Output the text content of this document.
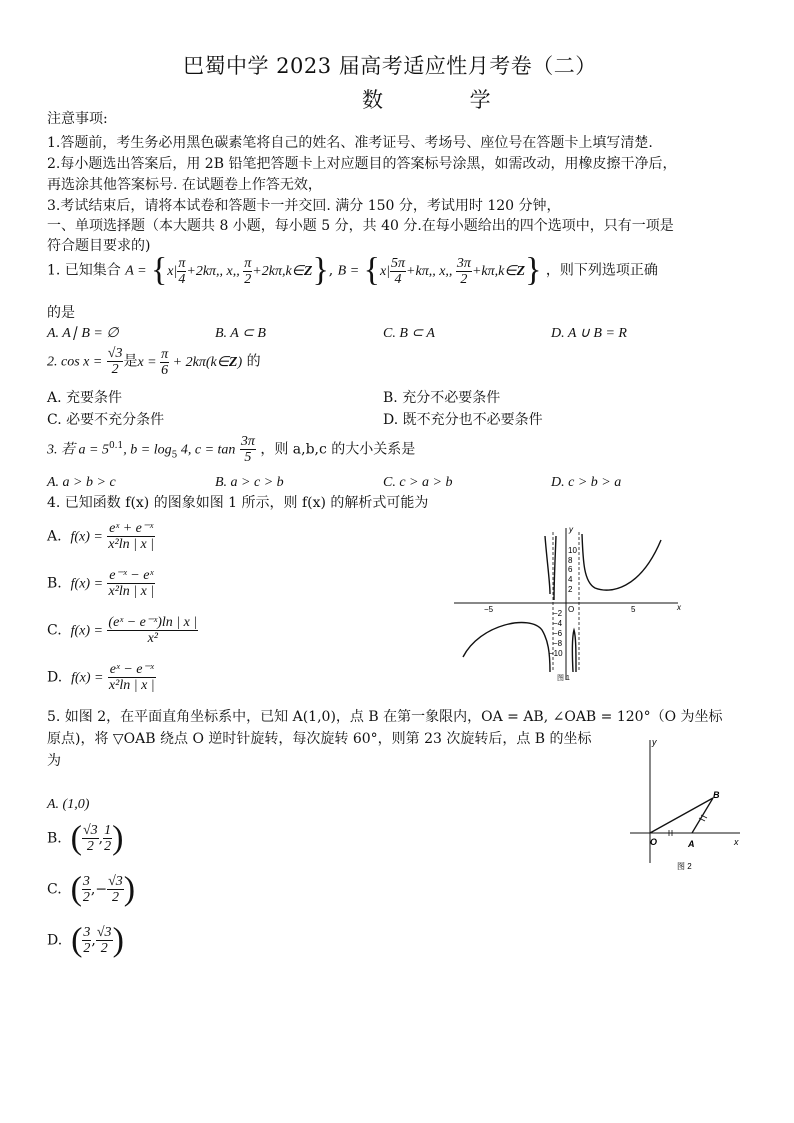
巴蜀中学 2023 届高考适应性月考卷（二）
数 学
注意事项:
1.答题前，考生务必用黑色碳素笔将自己的姓名、准考证号、考场号、座位号在答题卡上填写清楚.
2.每小题选出答案后，用 2B 铅笔把答题卡上对应题目的答案标号涂黑，如需改动，用橡皮擦干净后，
再选涂其他答案标号. 在试题卷上作答无效，
3.考试结束后，请将本试卷和答题卡一并交回. 满分 150 分，考试用时 120 分钟，
一、单项选择题（本大题共 8 小题，每小题 5 分，共 40 分.在每小题给出的四个选项中，只有一项是
符合题目要求的)
1. 已知集合 $A = \{x| \frac{\pi}{4} +2k\pi$,, x,, $\frac{\pi}{2}$ +2kπ,k∈Z}, $B = \{x| \frac{5\pi}{4} +k\pi$,, x,, $\frac{3\pi}{2}$ +kπ,k∈Z} ，则下列选项正确
的是
A. A∣ B = ∅	B. A ⊂ B	C. B ⊂ A	D. A ∪ B = R
2. $\cos x = \frac{√3}{2}$ 是$x = \frac{\pi}{6}$ + 2kπ(k∈Z) 的
A. 充要条件	B. 充分不必要条件
C. 必要不充分条件	D. 既不充分也不必要条件
3. 若 $a = 5^{0.1}$, $b = \log_5 4$, $c = \tan \frac{3\pi}{5}$ ，则 a,b,c 的大小关系是
A. a > b > c	B. a > c > b	C. c > a > b	D. c > b > a
4. 已知函数 f(x) 的图象如图 1 所示，则 f(x) 的解析式可能为
A. $f(x) = \frac{\text{eˣ + e⁻ˣ}}{\text{x²ln | x |}}$
B. $f(x) = \frac{\text{e⁻ˣ − eˣ}}{\text{x²ln | x |}}$
C. $f(x) = \frac{\text{(eˣ − e⁻ˣ)ln | x |}}{\text{x²}}$
D. $f(x) = \frac{\text{eˣ − e⁻ˣ}}{\text{x²ln | x |}}$
10
8
6
4
2
−2
−4
−6
−8
−10
−5	5
O	x
y
图 1
5. 如图 2，在平面直角坐标系中，已知 A(1,0)，点 B 在第一象限内，OA = AB, ∠OAB = 120°（O 为坐标
原点)，将 ▽OAB 绕点 O 逆时针旋转，每次旋转 60°，则第 23 次旋转后，点 B 的坐标
为
A. (1,0)
B. ( $\frac{√3}{2}$ , $\frac{1}{2}$ )
C. ( $\frac{3}{2}$ ,− $\frac{√3}{2}$ )
D. ( $\frac{3}{2}$ , $\frac{√3}{2}$ )
y
x
O	A
B
图 2
